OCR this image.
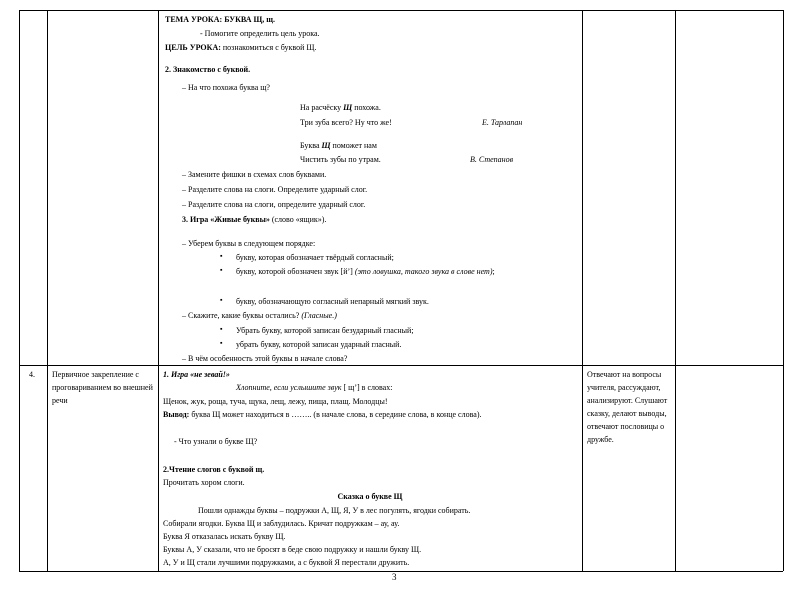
ТЕМА УРОКА: БУКВА Щ, щ.
- Помогите определить цель урока.
ЦЕЛЬ УРОКА: познакомиться с буквой Щ.
2. Знакомство с буквой.
– На что похожа буква щ?
На расчёску Щ похожа.
Три зуба всего? Ну что же!	Е. Тарлапан
Буква Щ поможет нам
Чистить зубы по утрам.	В. Степанов
– Замените фишки в схемах слов буквами.
– Разделите слова на слоги. Определите ударный слог.
– Разделите слова на слоги, определите ударный слог.
3. Игра «Живые буквы» (слово «ящик»).
– Уберем буквы в следующем порядке:
▪ букву, которая обозначает твёрдый согласный;
▪ букву, которой обозначен звук [й’] (это ловушка, такого звука в слове нет);
▪ букву, обозначающую согласный непарный мягкий звук.
– Скажите, какие буквы остались? (Гласные.)
▪ Убрать букву, которой записан безударный гласный;
▪ убрать букву, которой записан ударный гласный.
– В чём особенность этой буквы в начале слова?
4. Первичное закрепление с проговариванием во внешней речи
1. Игра «не зевай!»
Хлопните, если услышите звук [ щ’] в словах:
Щенок, жук, роща, туча, щука, лещ, лежу, пища, плащ. Молодцы!
Вывод: буква Щ может находиться в …….. (в начале слова, в середине слова, в конце слова).
- Что узнали о букве Щ?
2.Чтение слогов с буквой щ.
Прочитать хором слоги.
Сказка о букве Щ
Пошли однажды буквы – подружки А, Щ, Я, У в лес погулять, ягодки собирать.
Собирали ягодки. Буква Щ и заблудилась. Кричат подружкам – ау, ау.
Буква Я отказалась искать букву Щ.
Буквы А, У сказали, что не бросят в беде свою подружку и нашли букву Щ.
А, У и Щ стали лучшими подружками, а с буквой Я перестали дружить.
Отвечают на вопросы учителя, рассуждают, анализируют. Слушают сказку, делают выводы, отвечают пословицы о дружбе.
3
